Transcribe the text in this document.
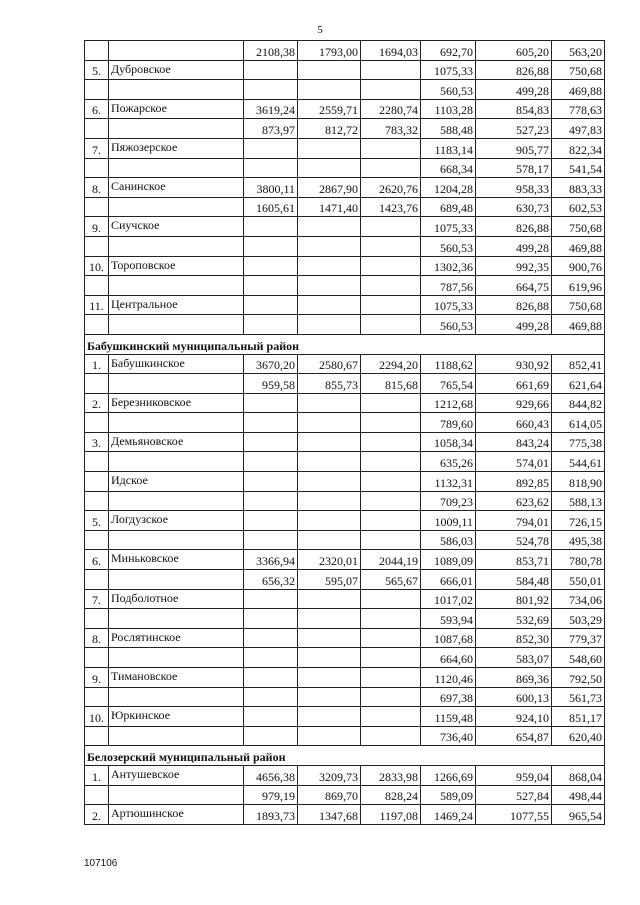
5
		2108,38	1793,00	1694,03	692,70	605,20	563,20
5.	Дубровское				1075,33	826,88	750,68
					560,53	499,28	469,88
6.	Пожарское	3619,24	2559,71	2280,74	1103,28	854,83	778,63
		873,97	812,72	783,32	588,48	527,23	497,83
7.	Пяжозерское				1183,14	905,77	822,34
					668,34	578,17	541,54
8.	Санинское	3800,11	2867,90	2620,76	1204,28	958,33	883,33
		1605,61	1471,40	1423,76	689,48	630,73	602,53
9.	Сиучское				1075,33	826,88	750,68
					560,53	499,28	469,88
10.	Тороповское				1302,36	992,35	900,76
					787,56	664,75	619,96
11.	Центральное				1075,33	826,88	750,68
					560,53	499,28	469,88
Бабушкинский муниципальный район							
1.	Бабушкинское	3670,20	2580,67	2294,20	1188,62	930,92	852,41
		959,58	855,73	815,68	765,54	661,69	621,64
2.	Березниковское				1212,68	929,66	844,82
					789,60	660,43	614,05
3.	Демьяновское				1058,34	843,24	775,38
					635,26	574,01	544,61
	Идское				1132,31	892,85	818,90
					709,23	623,62	588,13
5.	Логдузское				1009,11	794,01	726,15
					586,03	524,78	495,38
6.	Миньковское	3366,94	2320,01	2044,19	1089,09	853,71	780,78
		656,32	595,07	565,67	666,01	584,48	550,01
7.	Подболотное				1017,02	801,92	734,06
					593,94	532,69	503,29
8.	Рослятинское				1087,68	852,30	779,37
					664,60	583,07	548,60
9.	Тимановское				1120,46	869,36	792,50
					697,38	600,13	561,73
10.	Юркинское				1159,48	924,10	851,17
					736,40	654,87	620,40
Белозерский муниципальный район							
1.	Антушевское	4656,38	3209,73	2833,98	1266,69	959,04	868,04
		979,19	869,70	828,24	589,09	527,84	498,44
2.	Артюшинское	1893,73	1347,68	1197,08	1469,24	1077,55	965,54
107106
